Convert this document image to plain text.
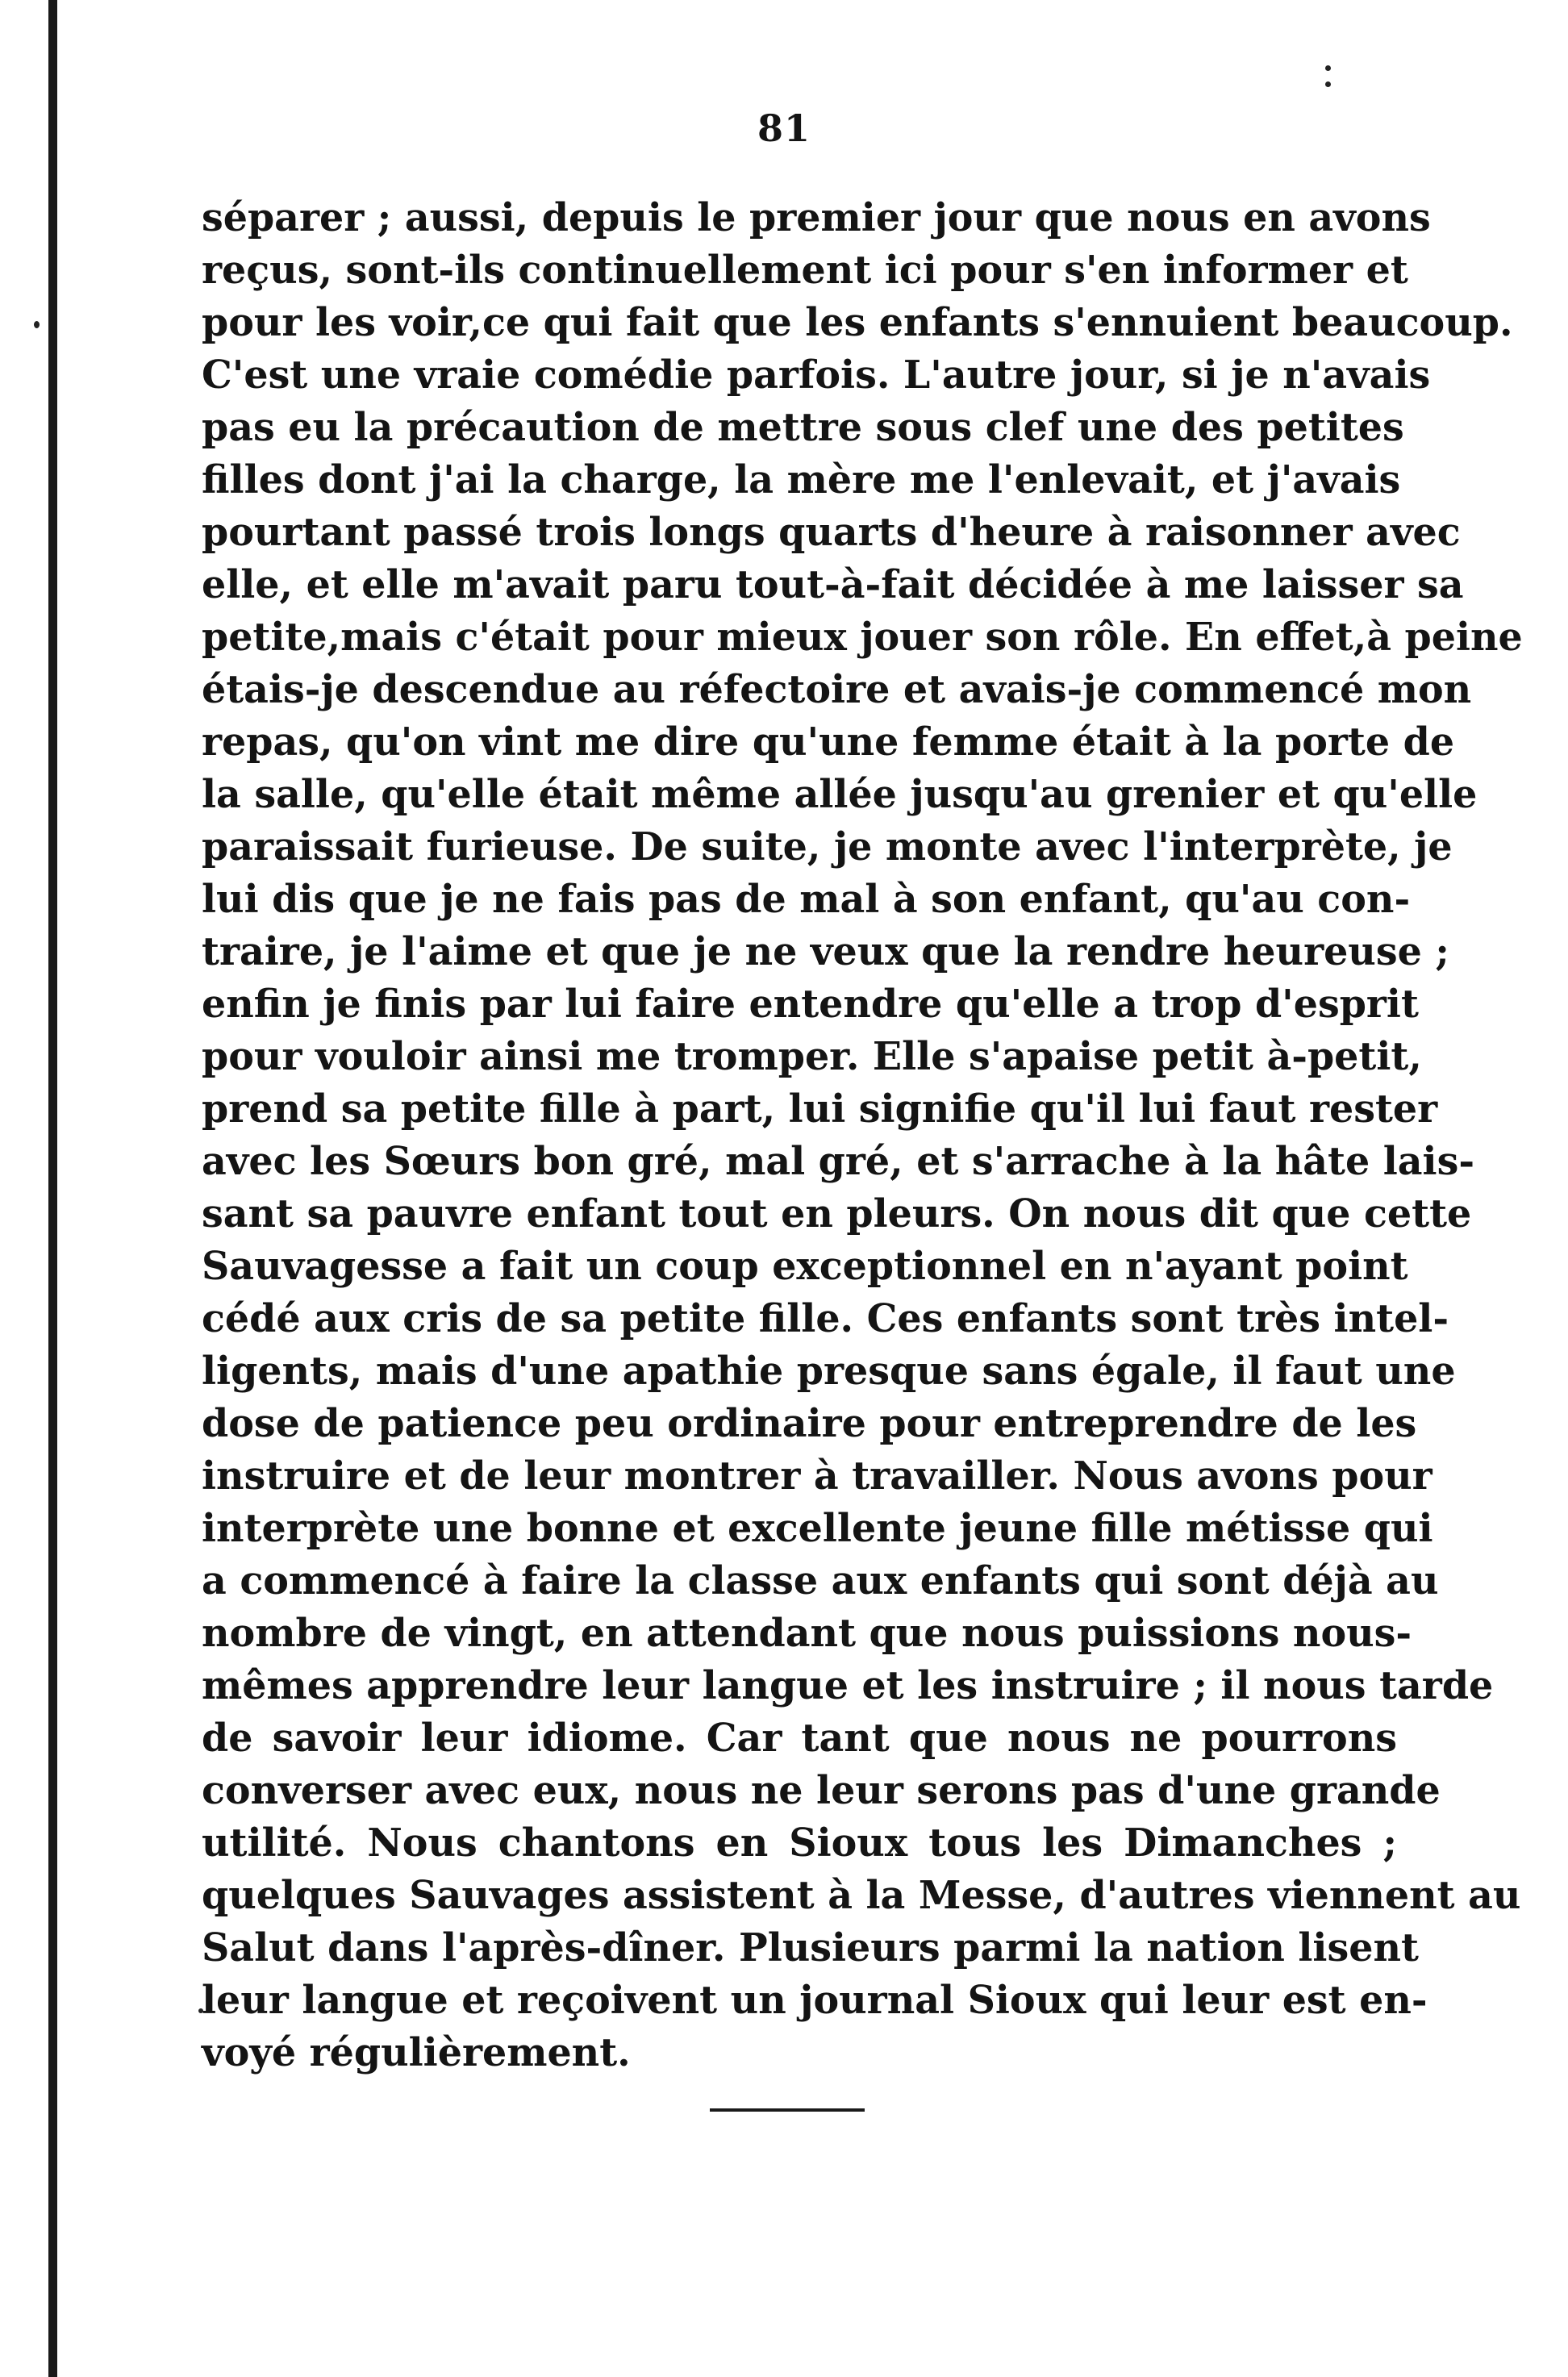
81
séparer ; aussi, depuis le premier jour que nous en avons
reçus, sont-ils continuellement ici pour s'en informer et
pour les voir,ce qui fait que les enfants s'ennuient beaucoup.
C'est une vraie comédie parfois. L'autre jour, si je n'avais
pas eu la précaution de mettre sous clef une des petites
filles dont j'ai la charge, la mère me l'enlevait, et j'avais
pourtant passé trois longs quarts d'heure à raisonner avec
elle, et elle m'avait paru tout-à-fait décidée à me laisser sa
petite,mais c'était pour mieux jouer son rôle. En effet,à peine
étais-je descendue au réfectoire et avais-je commencé mon
repas, qu'on vint me dire qu'une femme était à la porte de
la salle, qu'elle était même allée jusqu'au grenier et qu'elle
paraissait furieuse. De suite, je monte avec l'interprète, je
lui dis que je ne fais pas de mal à son enfant, qu'au con-
traire, je l'aime et que je ne veux que la rendre heureuse ;
enfin je finis par lui faire entendre qu'elle a trop d'esprit
pour vouloir ainsi me tromper. Elle s'apaise petit à-petit,
prend sa petite fille à part, lui signifie qu'il lui faut rester
avec les Sœurs bon gré, mal gré, et s'arrache à la hâte lais-
sant sa pauvre enfant tout en pleurs. On nous dit que cette
Sauvagesse a fait un coup exceptionnel en n'ayant point
cédé aux cris de sa petite fille. Ces enfants sont très intel-
ligents, mais d'une apathie presque sans égale, il faut une
dose de patience peu ordinaire pour entreprendre de les
instruire et de leur montrer à travailler. Nous avons pour
interprète une bonne et excellente jeune fille métisse qui
a commencé à faire la classe aux enfants qui sont déjà au
nombre de vingt, en attendant que nous puissions nous-
mêmes apprendre leur langue et les instruire ; il nous tarde
de savoir leur idiome. Car tant que nous ne pourrons
converser avec eux, nous ne leur serons pas d'une grande
utilité. Nous chantons en Sioux tous les Dimanches ;
quelques Sauvages assistent à la Messe, d'autres viennent au
Salut dans l'après-dîner. Plusieurs parmi la nation lisent
leur langue et reçoivent un journal Sioux qui leur est en-
voyé régulièrement.
